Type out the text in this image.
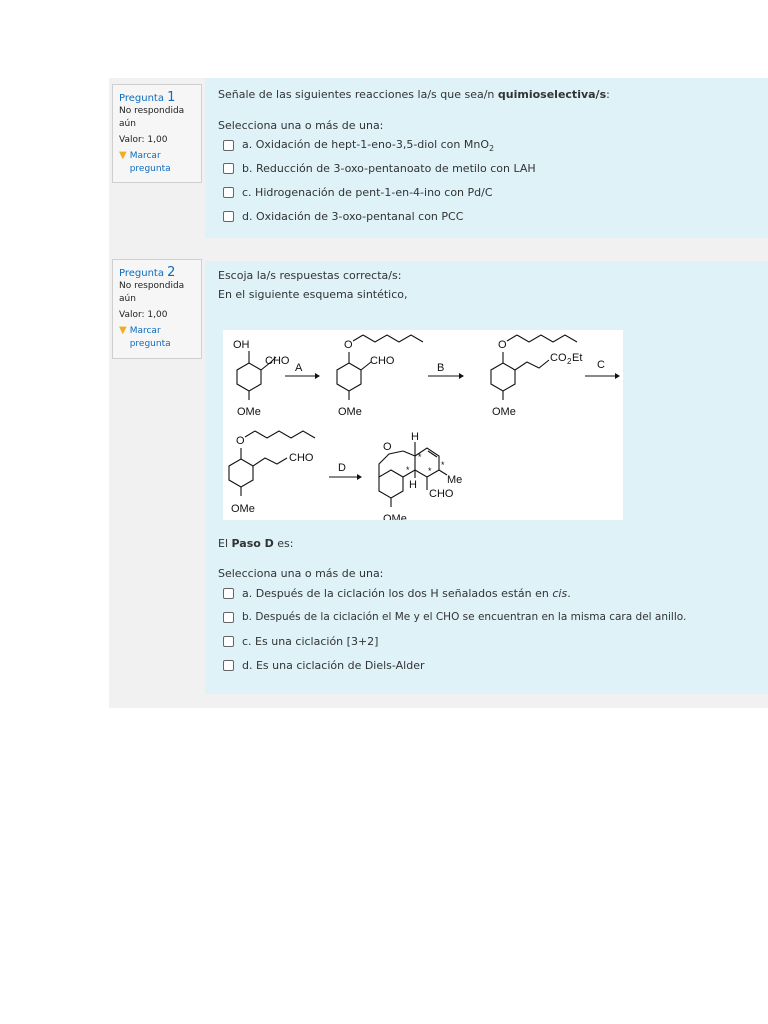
Pregunta 1
No respondida aún
Valor: 1,00
▼ Marcar pregunta

Señale de las siguientes reacciones la/s que sea/n quimioselectiva/s:

Selecciona una o más de una:

a. Oxidación de hept-1-eno-3,5-diol con MnO$_2$
b. Reducción de 3-oxo-pentanoato de metilo con LAH
c. Hidrogenación de pent-1-en-4-ino con Pd/C
d. Oxidación de 3-oxo-pentanal con PCC
Pregunta 2
No respondida aún
Valor: 1,00
▼ Marcar pregunta

Escoja la/s respuestas correcta/s:

En el siguiente esquema sintético,

OH
CHO
OMe
A
O
CHO
OMe
B
O
CO 2 Et
OMe
C
O
CHO
OMe
D
O
H
H
CHO
Me
*
* *
*
OMe

El Paso D es:

Selecciona una o más de una:

a. Después de la ciclación los dos H señalados están en cis.
b. Después de la ciclación el Me y el CHO se encuentran en la misma cara del anillo.
c. Es una ciclación [3+2]
d. Es una ciclación de Diels-Alder
